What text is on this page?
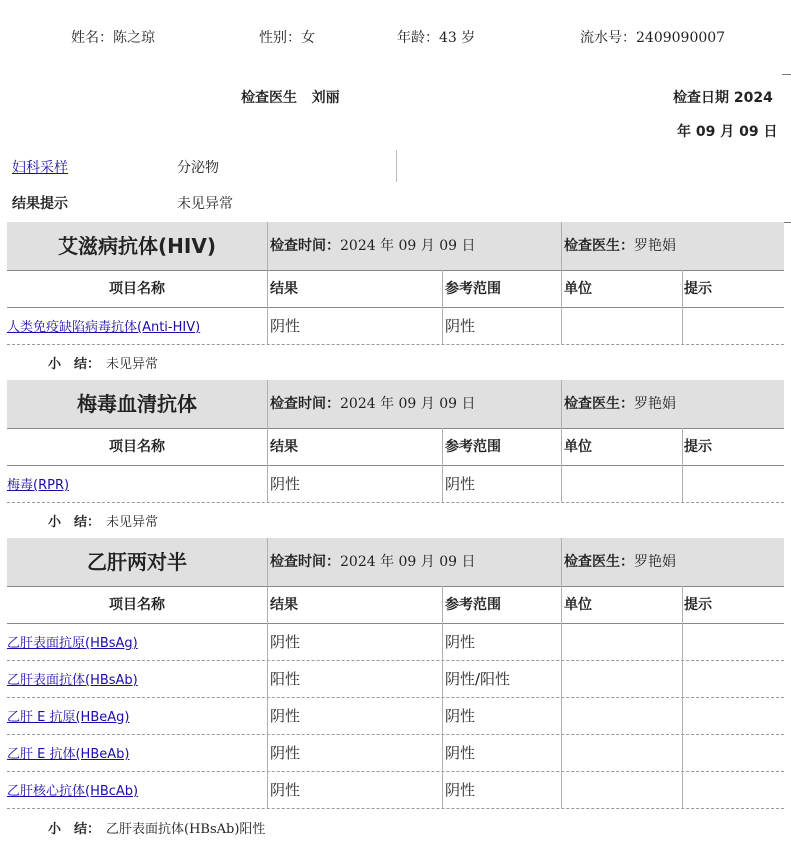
姓名：陈之琼	性别：女	年龄：43 岁	流水号：2409090007
检查医生 刘丽	检查日期 2024
年 09 月 09 日
妇科采样	分泌物
结果提示	未见异常
艾滋病抗体(HIV)	检查时间：2024 年 09 月 09 日	检查医生：罗艳娟
项目名称	结果	参考范围	单位	提示
人类免疫缺陷病毒抗体(Anti-HIV)	阴性	阴性
小　结： 未见异常
梅毒血清抗体	检查时间：2024 年 09 月 09 日	检查医生：罗艳娟
项目名称	结果	参考范围	单位	提示
梅毒(RPR)	阴性	阴性
小　结： 未见异常
乙肝两对半	检查时间：2024 年 09 月 09 日	检查医生：罗艳娟
项目名称	结果	参考范围	单位	提示
乙肝表面抗原(HBsAg)	阴性	阴性
乙肝表面抗体(HBsAb)	阳性	阴性/阳性
乙肝 E 抗原(HBeAg)	阴性	阴性
乙肝 E 抗体(HBeAb)	阴性	阴性
乙肝核心抗体(HBcAb)	阴性	阴性
小　结： 乙肝表面抗体(HBsAb)阳性
